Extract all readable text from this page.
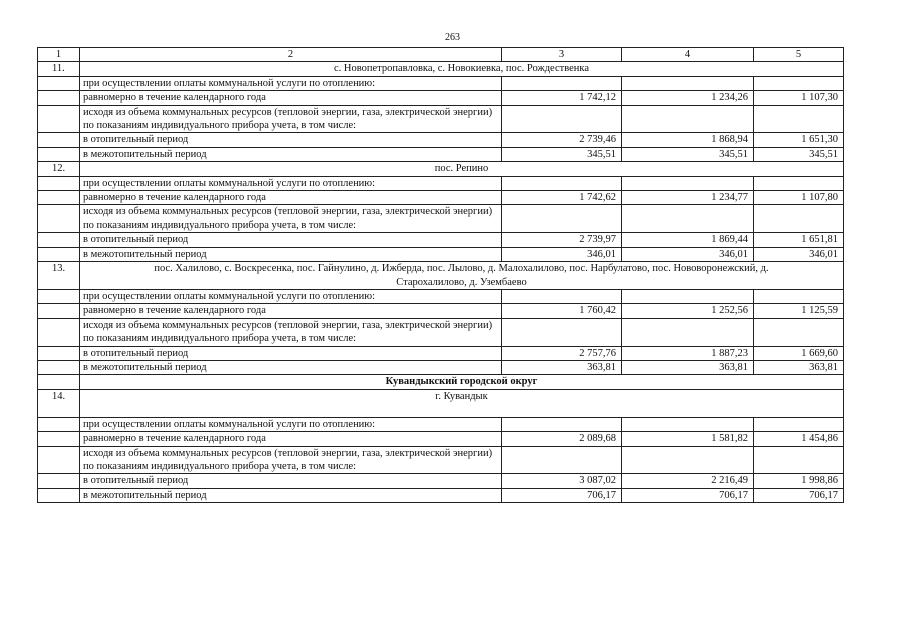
263
1	2	3	4	5
11.	с. Новопетропавловка, с. Новокиевка, пос. Рождественка			
	при осуществлении оплаты коммунальной услуги по отоплению:			
	равномерно в течение календарного года	1 742,12	1 234,26	1 107,30
	исходя из объема коммунальных ресурсов (тепловой энергии, газа, электрической энергии) по показаниям индивидуального прибора учета, в том числе:			
	в отопительный период	2 739,46	1 868,94	1 651,30
	в межотопительный период	345,51	345,51	345,51
12.	пос. Репино			
	при осуществлении оплаты коммунальной услуги по отоплению:			
	равномерно в течение календарного года	1 742,62	1 234,77	1 107,80
	исходя из объема коммунальных ресурсов (тепловой энергии, газа, электрической энергии) по показаниям индивидуального прибора учета, в том числе:			
	в отопительный период	2 739,97	1 869,44	1 651,81
	в межотопительный период	346,01	346,01	346,01
13.	пос. Халилово, с. Воскресенка, пос. Гайнулино, д. Ижберда, пос. Лылово, д. Малохалилово, пос. Нарбулатово, пос. Нововоронежский, д. Старохалилово, д. Узембаево			
	при осуществлении оплаты коммунальной услуги по отоплению:			
	равномерно в течение календарного года	1 760,42	1 252,56	1 125,59
	исходя из объема коммунальных ресурсов (тепловой энергии, газа, электрической энергии) по показаниям индивидуального прибора учета, в том числе:			
	в отопительный период	2 757,76	1 887,23	1 669,60
	в межотопительный период	363,81	363,81	363,81
	Кувандыкский городской округ			
14.	г. Кувандык			
	при осуществлении оплаты коммунальной услуги по отоплению:			
	равномерно в течение календарного года	2 089,68	1 581,82	1 454,86
	исходя из объема коммунальных ресурсов (тепловой энергии, газа, электрической энергии) по показаниям индивидуального прибора учета, в том числе:			
	в отопительный период	3 087,02	2 216,49	1 998,86
	в межотопительный период	706,17	706,17	706,17
